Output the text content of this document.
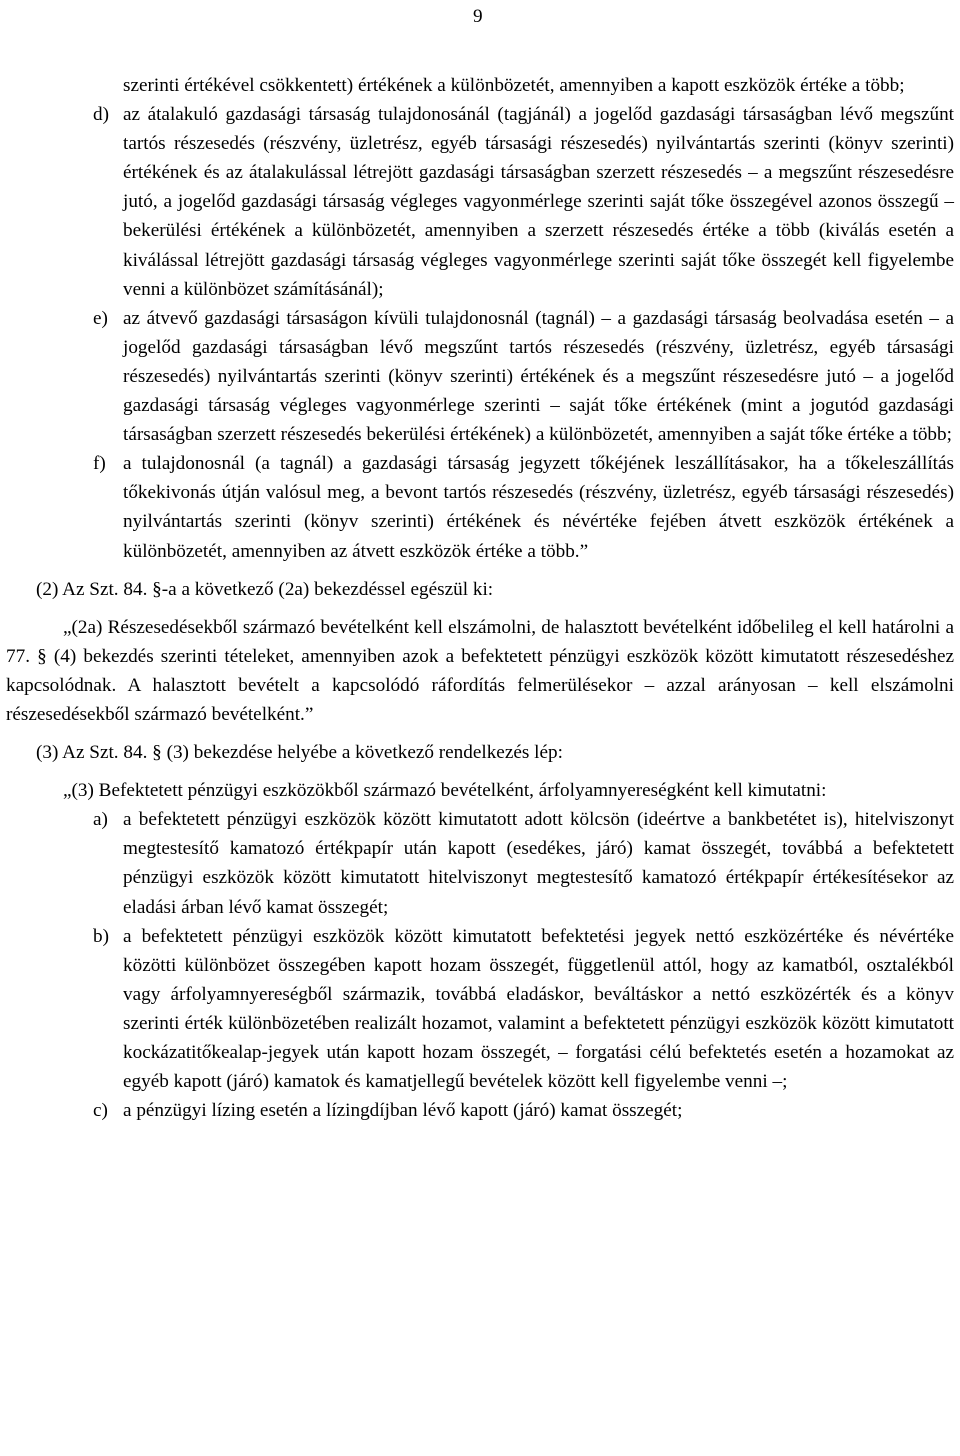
9

szerinti értékével csökkentett) értékének a különbözetét, amennyiben a kapott eszközök értéke a több;

d) az átalakuló gazdasági társaság tulajdonosánál (tagjánál) a jogelőd gazdasági társaságban lévő megszűnt tartós részesedés (részvény, üzletrész, egyéb társasági részesedés) nyilvántartás szerinti (könyv szerinti) értékének és az átalakulással létrejött gazdasági társaságban szerzett részesedés – a megszűnt részesedésre jutó, a jogelőd gazdasági társaság végleges vagyonmérlege szerinti saját tőke összegével azonos összegű – bekerülési értékének a különbözetét, amennyiben a szerzett részesedés értéke a több (kiválás esetén a kiválással létrejött gazdasági társaság végleges vagyonmérlege szerinti saját tőke összegét kell figyelembe venni a különbözet számításánál);
e) az átvevő gazdasági társaságon kívüli tulajdonosnál (tagnál) – a gazdasági társaság beolvadása esetén – a jogelőd gazdasági társaságban lévő megszűnt tartós részesedés (részvény, üzletrész, egyéb társasági részesedés) nyilvántartás szerinti (könyv szerinti) értékének és a megszűnt részesedésre jutó – a jogelőd gazdasági társaság végleges vagyonmérlege szerinti – saját tőke értékének (mint a jogutód gazdasági társaságban szerzett részesedés bekerülési értékének) a különbözetét, amennyiben a saját tőke értéke a több;
f) a tulajdonosnál (a tagnál) a gazdasági társaság jegyzett tőkéjének leszállításakor, ha a tőkeleszállítás tőkekivonás útján valósul meg, a bevont tartós részesedés (részvény, üzletrész, egyéb társasági részesedés) nyilvántartás szerinti (könyv szerinti) értékének és névértéke fejében átvett eszközök értékének a különbözetét, amennyiben az átvett eszközök értéke a több.”

(2) Az Szt. 84. §-a a következő (2a) bekezdéssel egészül ki:

„(2a) Részesedésekből származó bevételként kell elszámolni, de halasztott bevételként időbelileg el kell határolni a 77. § (4) bekezdés szerinti tételeket, amennyiben azok a befektetett pénzügyi eszközök között kimutatott részesedéshez kapcsolódnak. A halasztott bevételt a kapcsolódó ráfordítás felmerülésekor – azzal arányosan – kell elszámolni részesedésekből származó bevételként.”

(3) Az Szt. 84. § (3) bekezdése helyébe a következő rendelkezés lép:

„(3) Befektetett pénzügyi eszközökből származó bevételként, árfolyamnyereségként kell kimutatni:

a) a befektetett pénzügyi eszközök között kimutatott adott kölcsön (ideértve a bankbetétet is), hitelviszonyt megtestesítő kamatozó értékpapír után kapott (esedékes, járó) kamat összegét, továbbá a befektetett pénzügyi eszközök között kimutatott hitelviszonyt megtestesítő kamatozó értékpapír értékesítésekor az eladási árban lévő kamat összegét;
b) a befektetett pénzügyi eszközök között kimutatott befektetési jegyek nettó eszközértéke és névértéke közötti különbözet összegében kapott hozam összegét, függetlenül attól, hogy az kamatból, osztalékból vagy árfolyamnyereségből származik, továbbá eladáskor, beváltáskor a nettó eszközérték és a könyv szerinti érték különbözetében realizált hozamot, valamint a befektetett pénzügyi eszközök között kimutatott kockázatitőkealap-jegyek után kapott hozam összegét, – forgatási célú befektetés esetén a hozamokat az egyéb kapott (járó) kamatok és kamatjellegű bevételek között kell figyelembe venni –;
c) a pénzügyi lízing esetén a lízingdíjban lévő kapott (járó) kamat összegét;
